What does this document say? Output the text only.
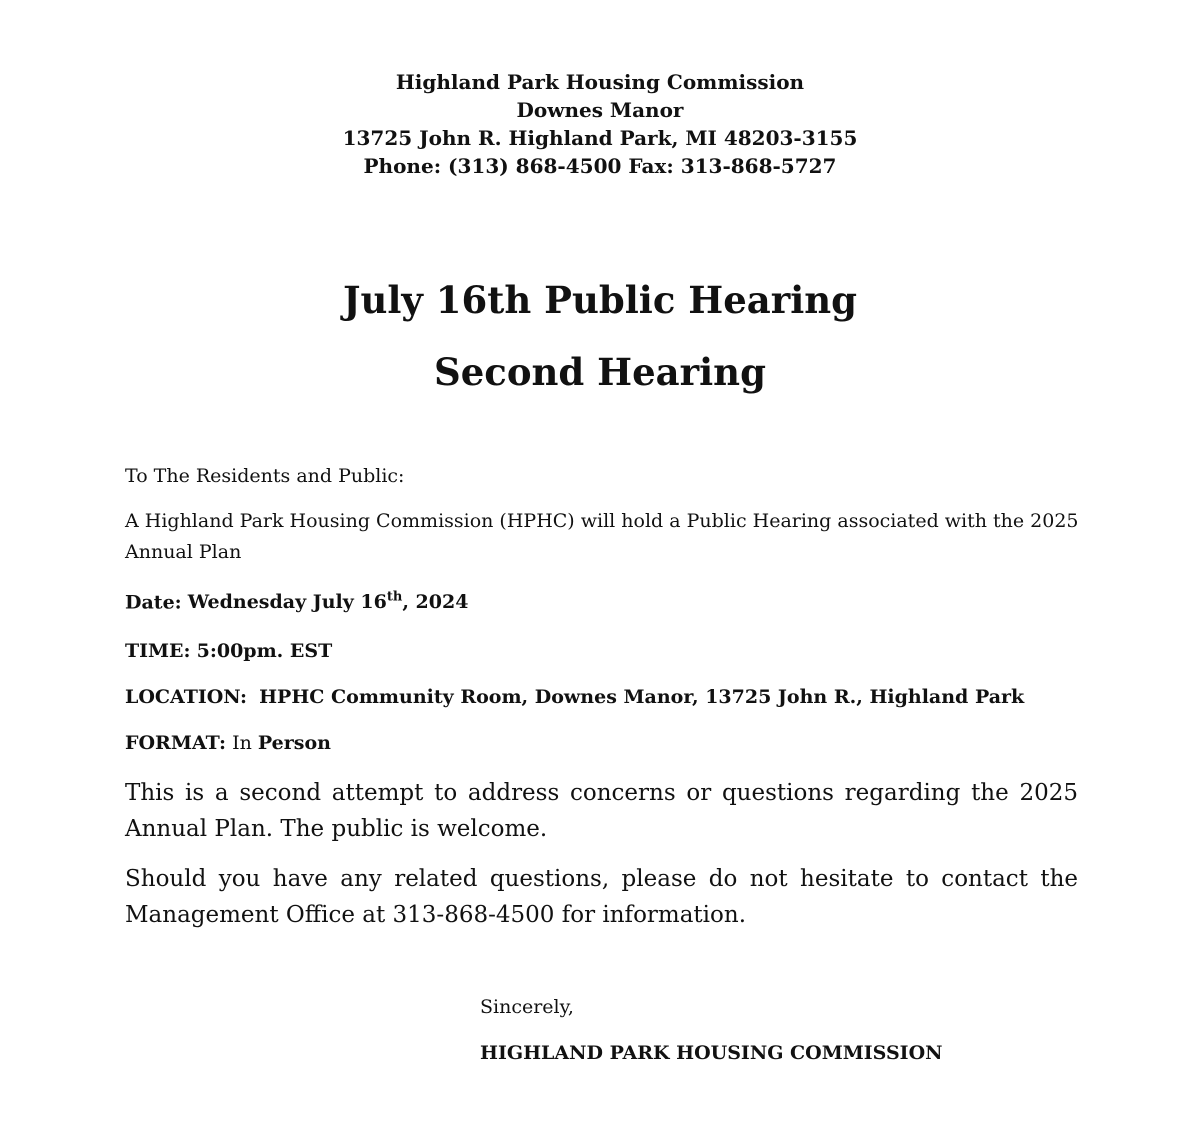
Highland Park Housing Commission
Downes Manor
13725 John R. Highland Park, MI 48203-3155
Phone: (313) 868-4500 Fax: 313-868-5727
July 16th Public Hearing
Second Hearing
To The Residents and Public:
A Highland Park Housing Commission (HPHC) will hold a Public Hearing associated with the 2025 Annual Plan
Date: Wednesday July 16th, 2024
TIME: 5:00pm. EST
LOCATION: HPHC Community Room, Downes Manor, 13725 John R., Highland Park
FORMAT: In Person
This is a second attempt to address concerns or questions regarding the 2025 Annual Plan. The public is welcome.
Should you have any related questions, please do not hesitate to contact the Management Office at 313-868-4500 for information.
Sincerely,
HIGHLAND PARK HOUSING COMMISSION
